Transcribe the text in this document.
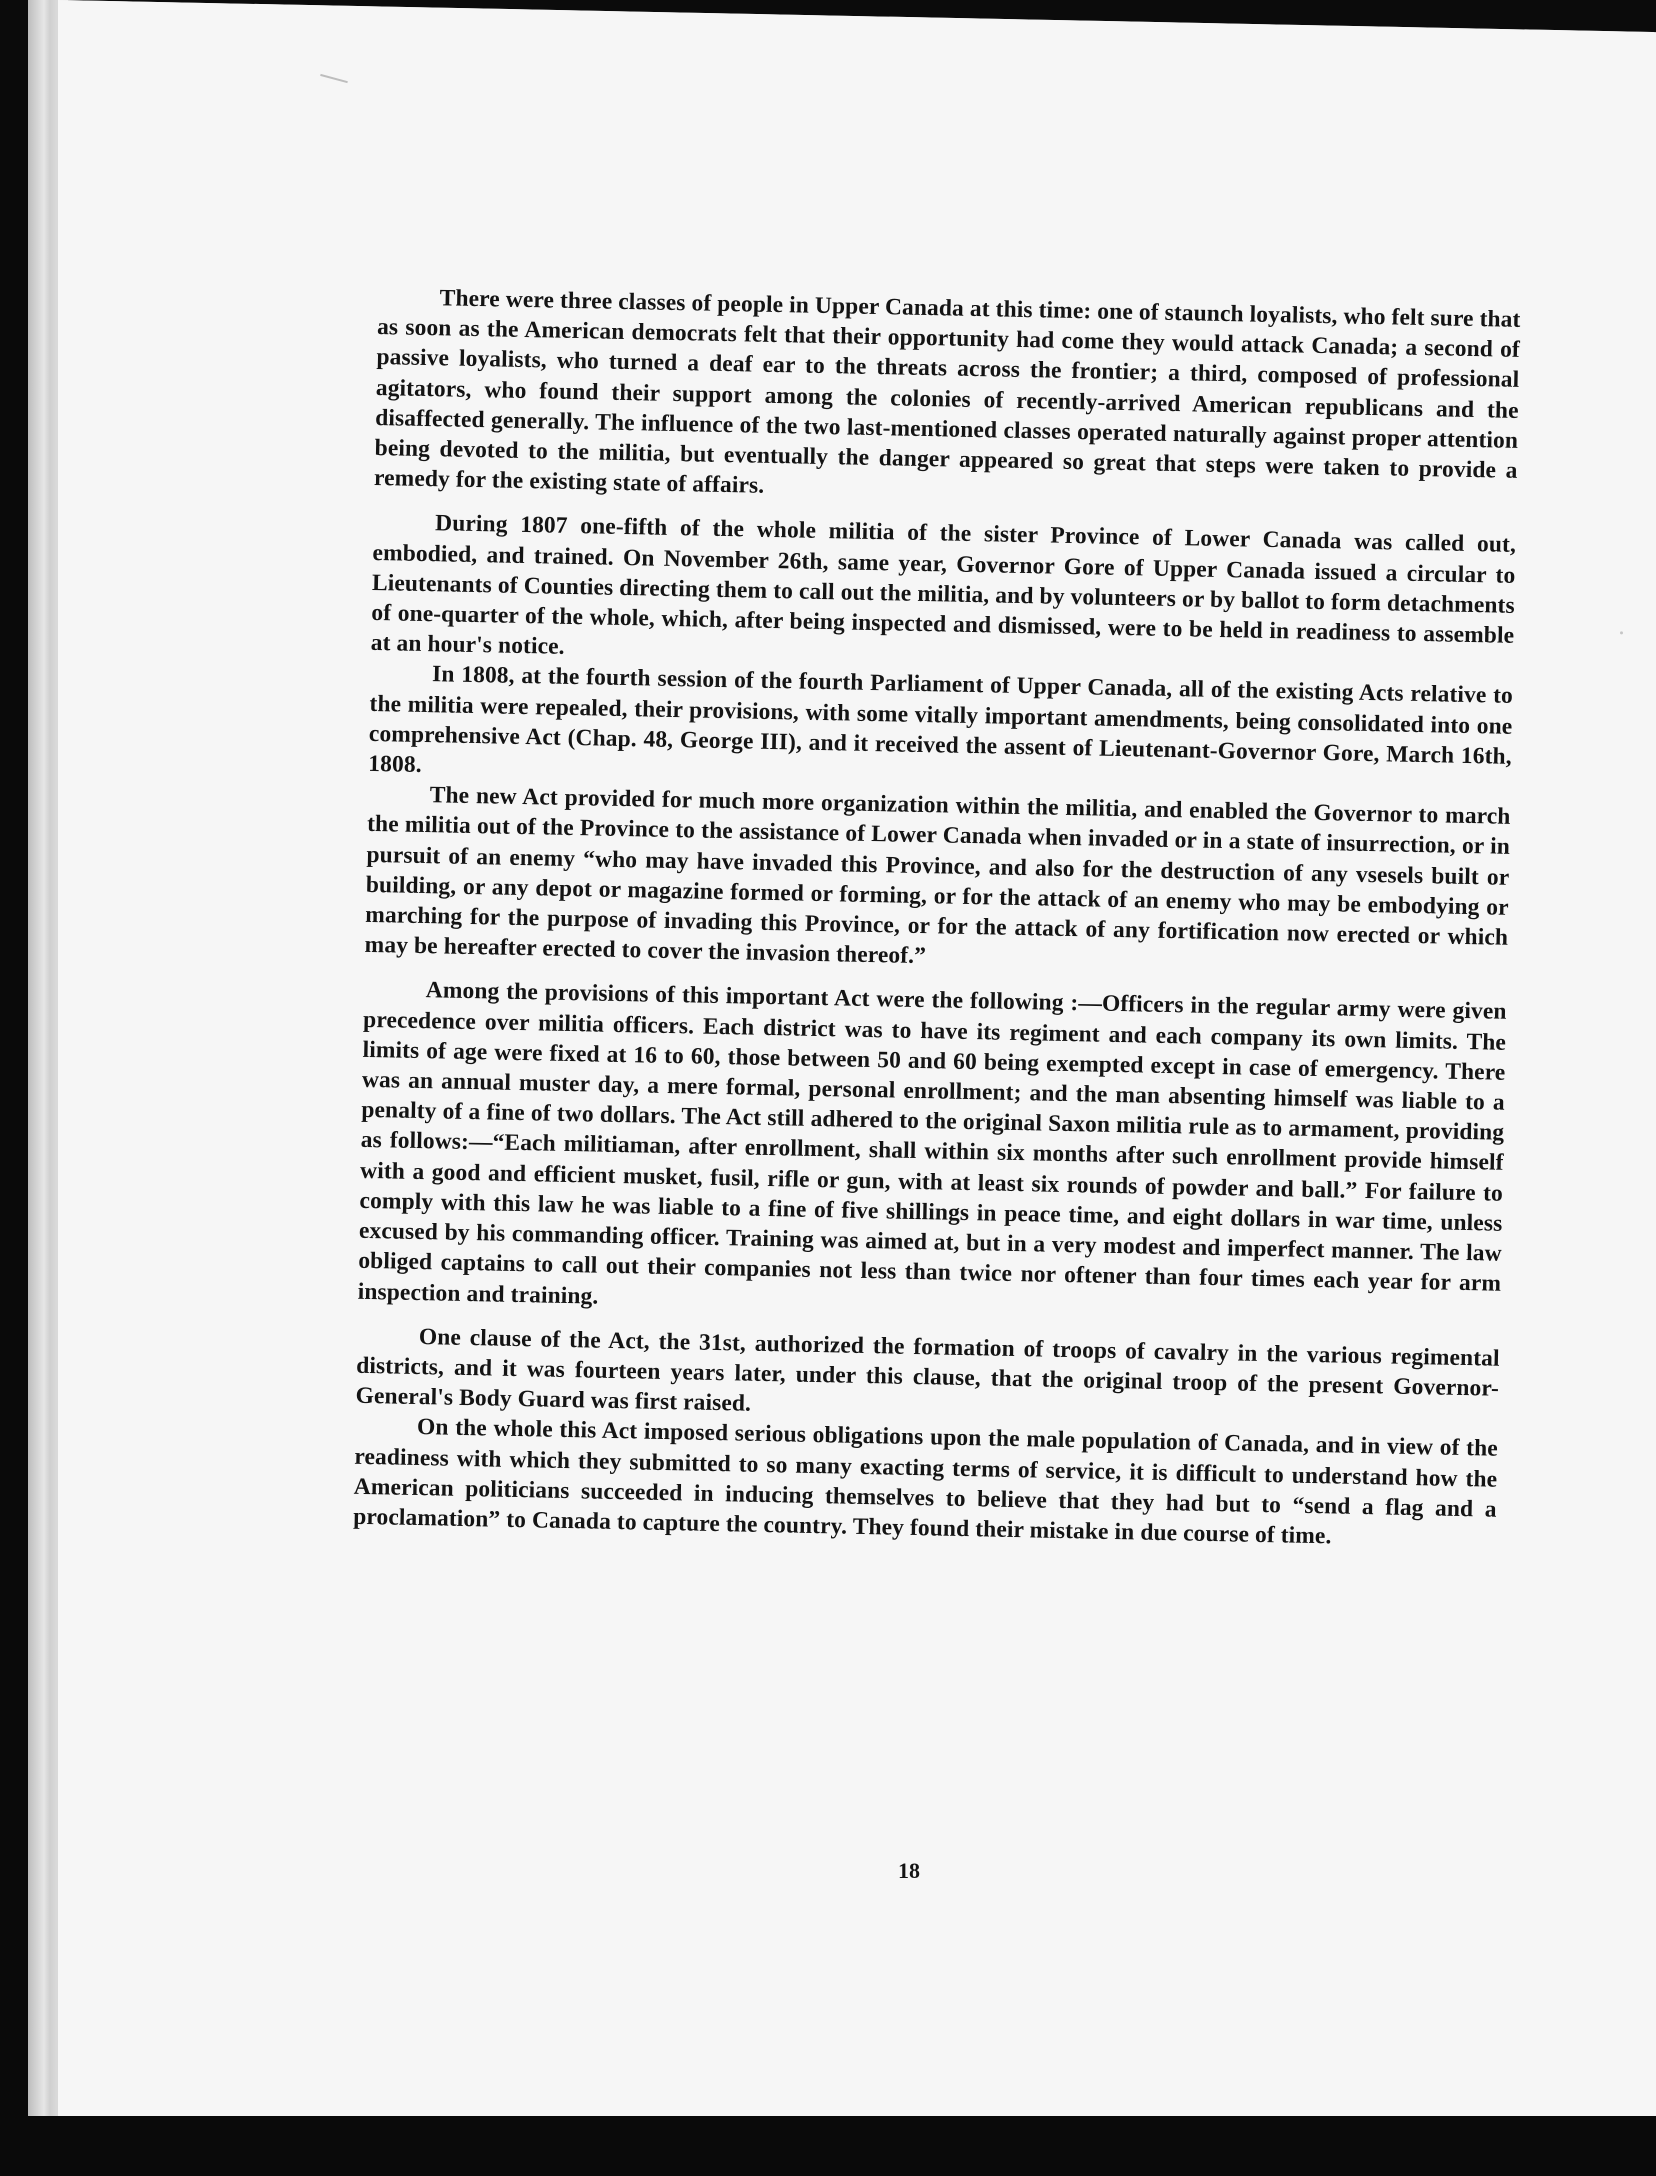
There were three classes of people in Upper Canada at this time: one of staunch loyalists, who felt sure that as soon as the American democrats felt that their opportunity had come they would attack Canada; a second of passive loyalists, who turned a deaf ear to the threats across the frontier; a third, composed of professional agitators, who found their support among the colonies of recently-arrived American republicans and the disaffected generally. The influence of the two last-mentioned classes operated naturally against proper attention being devoted to the militia, but eventually the danger appeared so great that steps were taken to provide a remedy for the existing state of affairs.

During 1807 one-fifth of the whole militia of the sister Province of Lower Canada was called out, embodied, and trained. On November 26th, same year, Governor Gore of Upper Canada issued a circular to Lieutenants of Counties directing them to call out the militia, and by volunteers or by ballot to form detachments of one-quarter of the whole, which, after being inspected and dismissed, were to be held in readiness to assemble at an hour's notice.

In 1808, at the fourth session of the fourth Parliament of Upper Canada, all of the existing Acts relative to the militia were repealed, their provisions, with some vitally important amendments, being consolidated into one comprehensive Act (Chap. 48, George III), and it received the assent of Lieutenant-Governor Gore, March 16th, 1808.

The new Act provided for much more organization within the militia, and enabled the Governor to march the militia out of the Province to the assistance of Lower Canada when invaded or in a state of insurrection, or in pursuit of an enemy “who may have invaded this Province, and also for the destruction of any vsesels built or building, or any depot or magazine formed or forming, or for the attack of an enemy who may be embodying or marching for the purpose of invading this Province, or for the attack of any fortification now erected or which may be hereafter erected to cover the invasion thereof.”

Among the provisions of this important Act were the following :—Officers in the regular army were given precedence over militia officers. Each district was to have its regiment and each company its own limits. The limits of age were fixed at 16 to 60, those between 50 and 60 being exempted except in case of emergency. There was an annual muster day, a mere formal, personal enrollment; and the man absenting himself was liable to a penalty of a fine of two dollars. The Act still adhered to the original Saxon militia rule as to armament, providing as follows:—“Each militiaman, after enrollment, shall within six months after such enrollment provide himself with a good and efficient musket, fusil, rifle or gun, with at least six rounds of powder and ball.” For failure to comply with this law he was liable to a fine of five shillings in peace time, and eight dollars in war time, unless excused by his commanding officer. Training was aimed at, but in a very modest and imperfect manner. The law obliged captains to call out their companies not less than twice nor oftener than four times each year for arm inspection and training.

One clause of the Act, the 31st, authorized the formation of troops of cavalry in the various regimental districts, and it was fourteen years later, under this clause, that the original troop of the present Governor-General's Body Guard was first raised.

On the whole this Act imposed serious obligations upon the male population of Canada, and in view of the readiness with which they submitted to so many exacting terms of service, it is difficult to understand how the American politicians succeeded in inducing themselves to believe that they had but to “send a flag and a proclamation” to Canada to capture the country. They found their mistake in due course of time.

18
